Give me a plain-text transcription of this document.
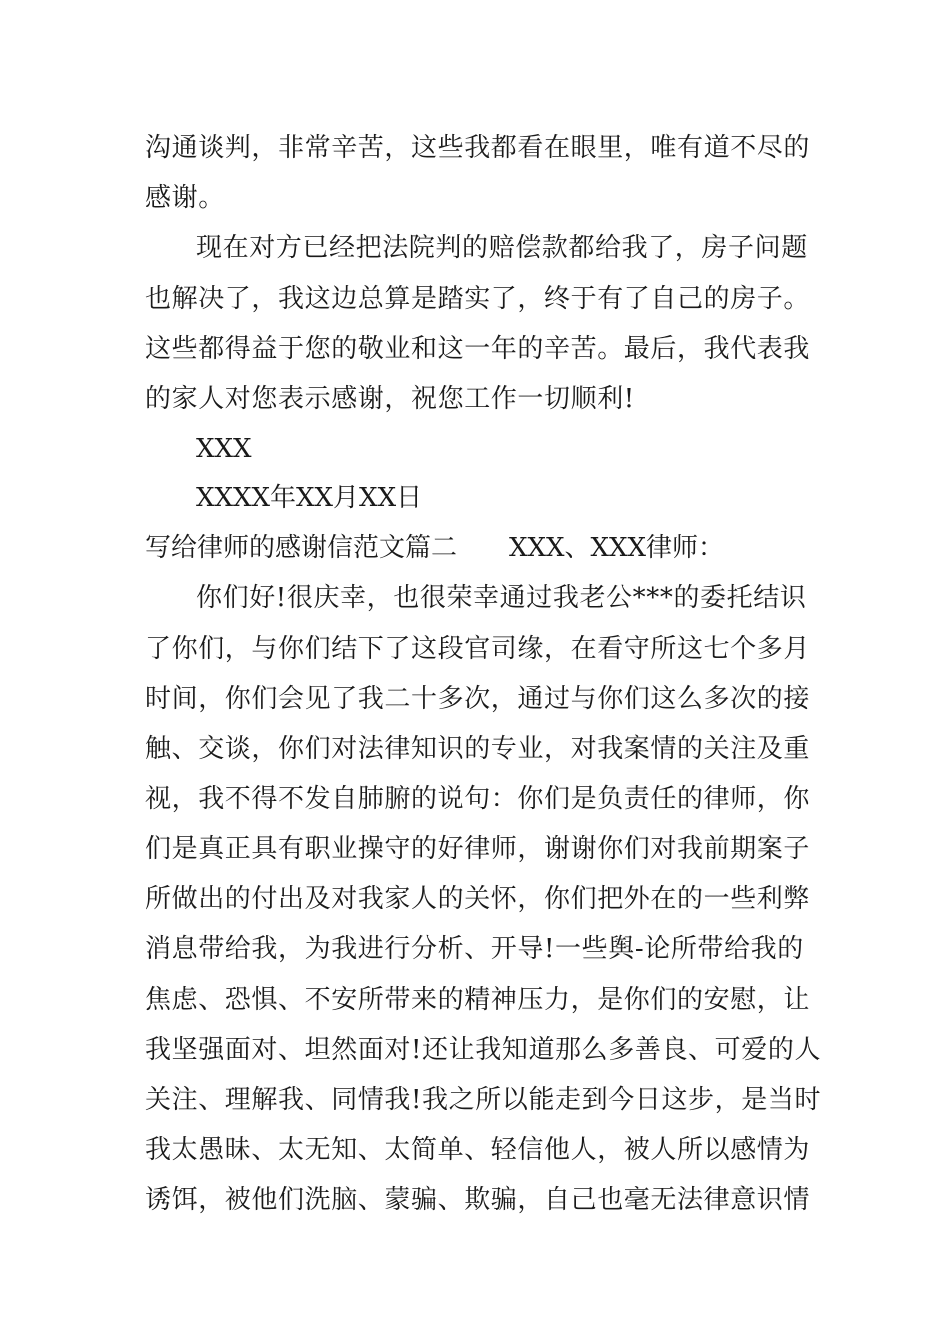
沟通谈判，非常辛苦，这些我都看在眼里，唯有道不尽的
感谢。
现在对方已经把法院判的赔偿款都给我了，房子问题
也解决了，我这边总算是踏实了，终于有了自己的房子。
这些都得益于您的敬业和这一年的辛苦。最后，我代表我
的家人对您表示感谢，祝您工作一切顺利!
XXX
XXXX年XX月XX日
写给律师的感谢信范文篇二　　XXX、XXX律师：
你们好!很庆幸，也很荣幸通过我老公***的委托结识
了你们，与你们结下了这段官司缘，在看守所这七个多月
时间，你们会见了我二十多次，通过与你们这么多次的接
触、交谈，你们对法律知识的专业，对我案情的关注及重
视，我不得不发自肺腑的说句：你们是负责任的律师，你
们是真正具有职业操守的好律师，谢谢你们对我前期案子
所做出的付出及对我家人的关怀，你们把外在的一些利弊
消息带给我，为我进行分析、开导!一些舆-论所带给我的
焦虑、恐惧、不安所带来的精神压力，是你们的安慰，让
我坚强面对、坦然面对!还让我知道那么多善良、可爱的人
关注、理解我、同情我!我之所以能走到今日这步，是当时
我太愚昧、太无知、太简单、轻信他人，被人所以感情为
诱饵，被他们洗脑、蒙骗、欺骗，自己也毫无法律意识情
